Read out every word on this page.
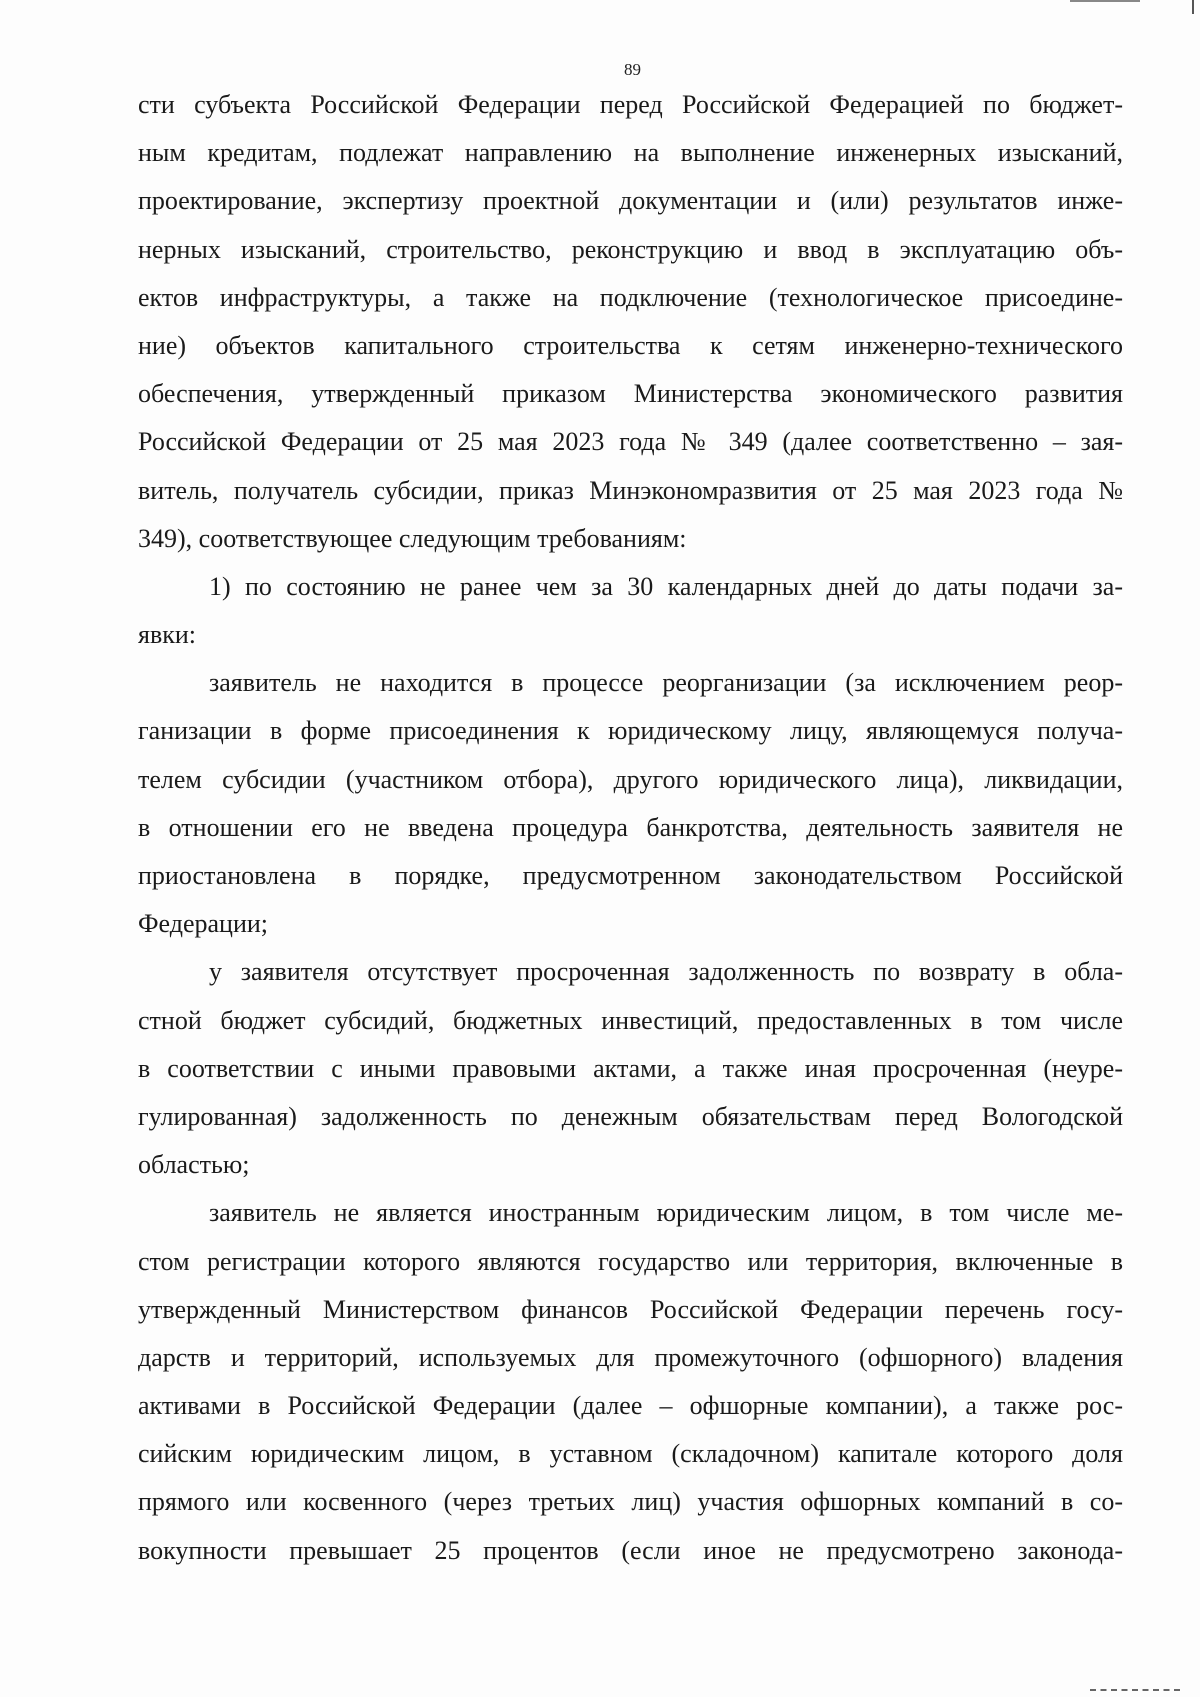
89
сти субъекта Российской Федерации перед Российской Федерацией по бюджет-
ным кредитам, подлежат направлению на выполнение инженерных изысканий,
проектирование, экспертизу проектной документации и (или) результатов инже-
нерных изысканий, строительство, реконструкцию и ввод в эксплуатацию объ-
ектов инфраструктуры, а также на подключение (технологическое присоедине-
ние) объектов капитального строительства к сетям инженерно-технического
обеспечения, утвержденный приказом Министерства экономического развития
Российской Федерации от 25 мая 2023 года № 349 (далее соответственно – зая-
витель, получатель субсидии, приказ Минэкономразвития от 25 мая 2023 года №
349), соответствующее следующим требованиям:
1) по состоянию не ранее чем за 30 календарных дней до даты подачи за-
явки:
заявитель не находится в процессе реорганизации (за исключением реор-
ганизации в форме присоединения к юридическому лицу, являющемуся получа-
телем субсидии (участником отбора), другого юридического лица), ликвидации,
в отношении его не введена процедура банкротства, деятельность заявителя не
приостановлена в порядке, предусмотренном законодательством Российской
Федерации;
у заявителя отсутствует просроченная задолженность по возврату в обла-
стной бюджет субсидий, бюджетных инвестиций, предоставленных в том числе
в соответствии с иными правовыми актами, а также иная просроченная (неуре-
гулированная) задолженность по денежным обязательствам перед Вологодской
областью;
заявитель не является иностранным юридическим лицом, в том числе ме-
стом регистрации которого являются государство или территория, включенные в
утвержденный Министерством финансов Российской Федерации перечень госу-
дарств и территорий, используемых для промежуточного (офшорного) владения
активами в Российской Федерации (далее – офшорные компании), а также рос-
сийским юридическим лицом, в уставном (складочном) капитале которого доля
прямого или косвенного (через третьих лиц) участия офшорных компаний в со-
вокупности превышает 25 процентов (если иное не предусмотрено законода-
